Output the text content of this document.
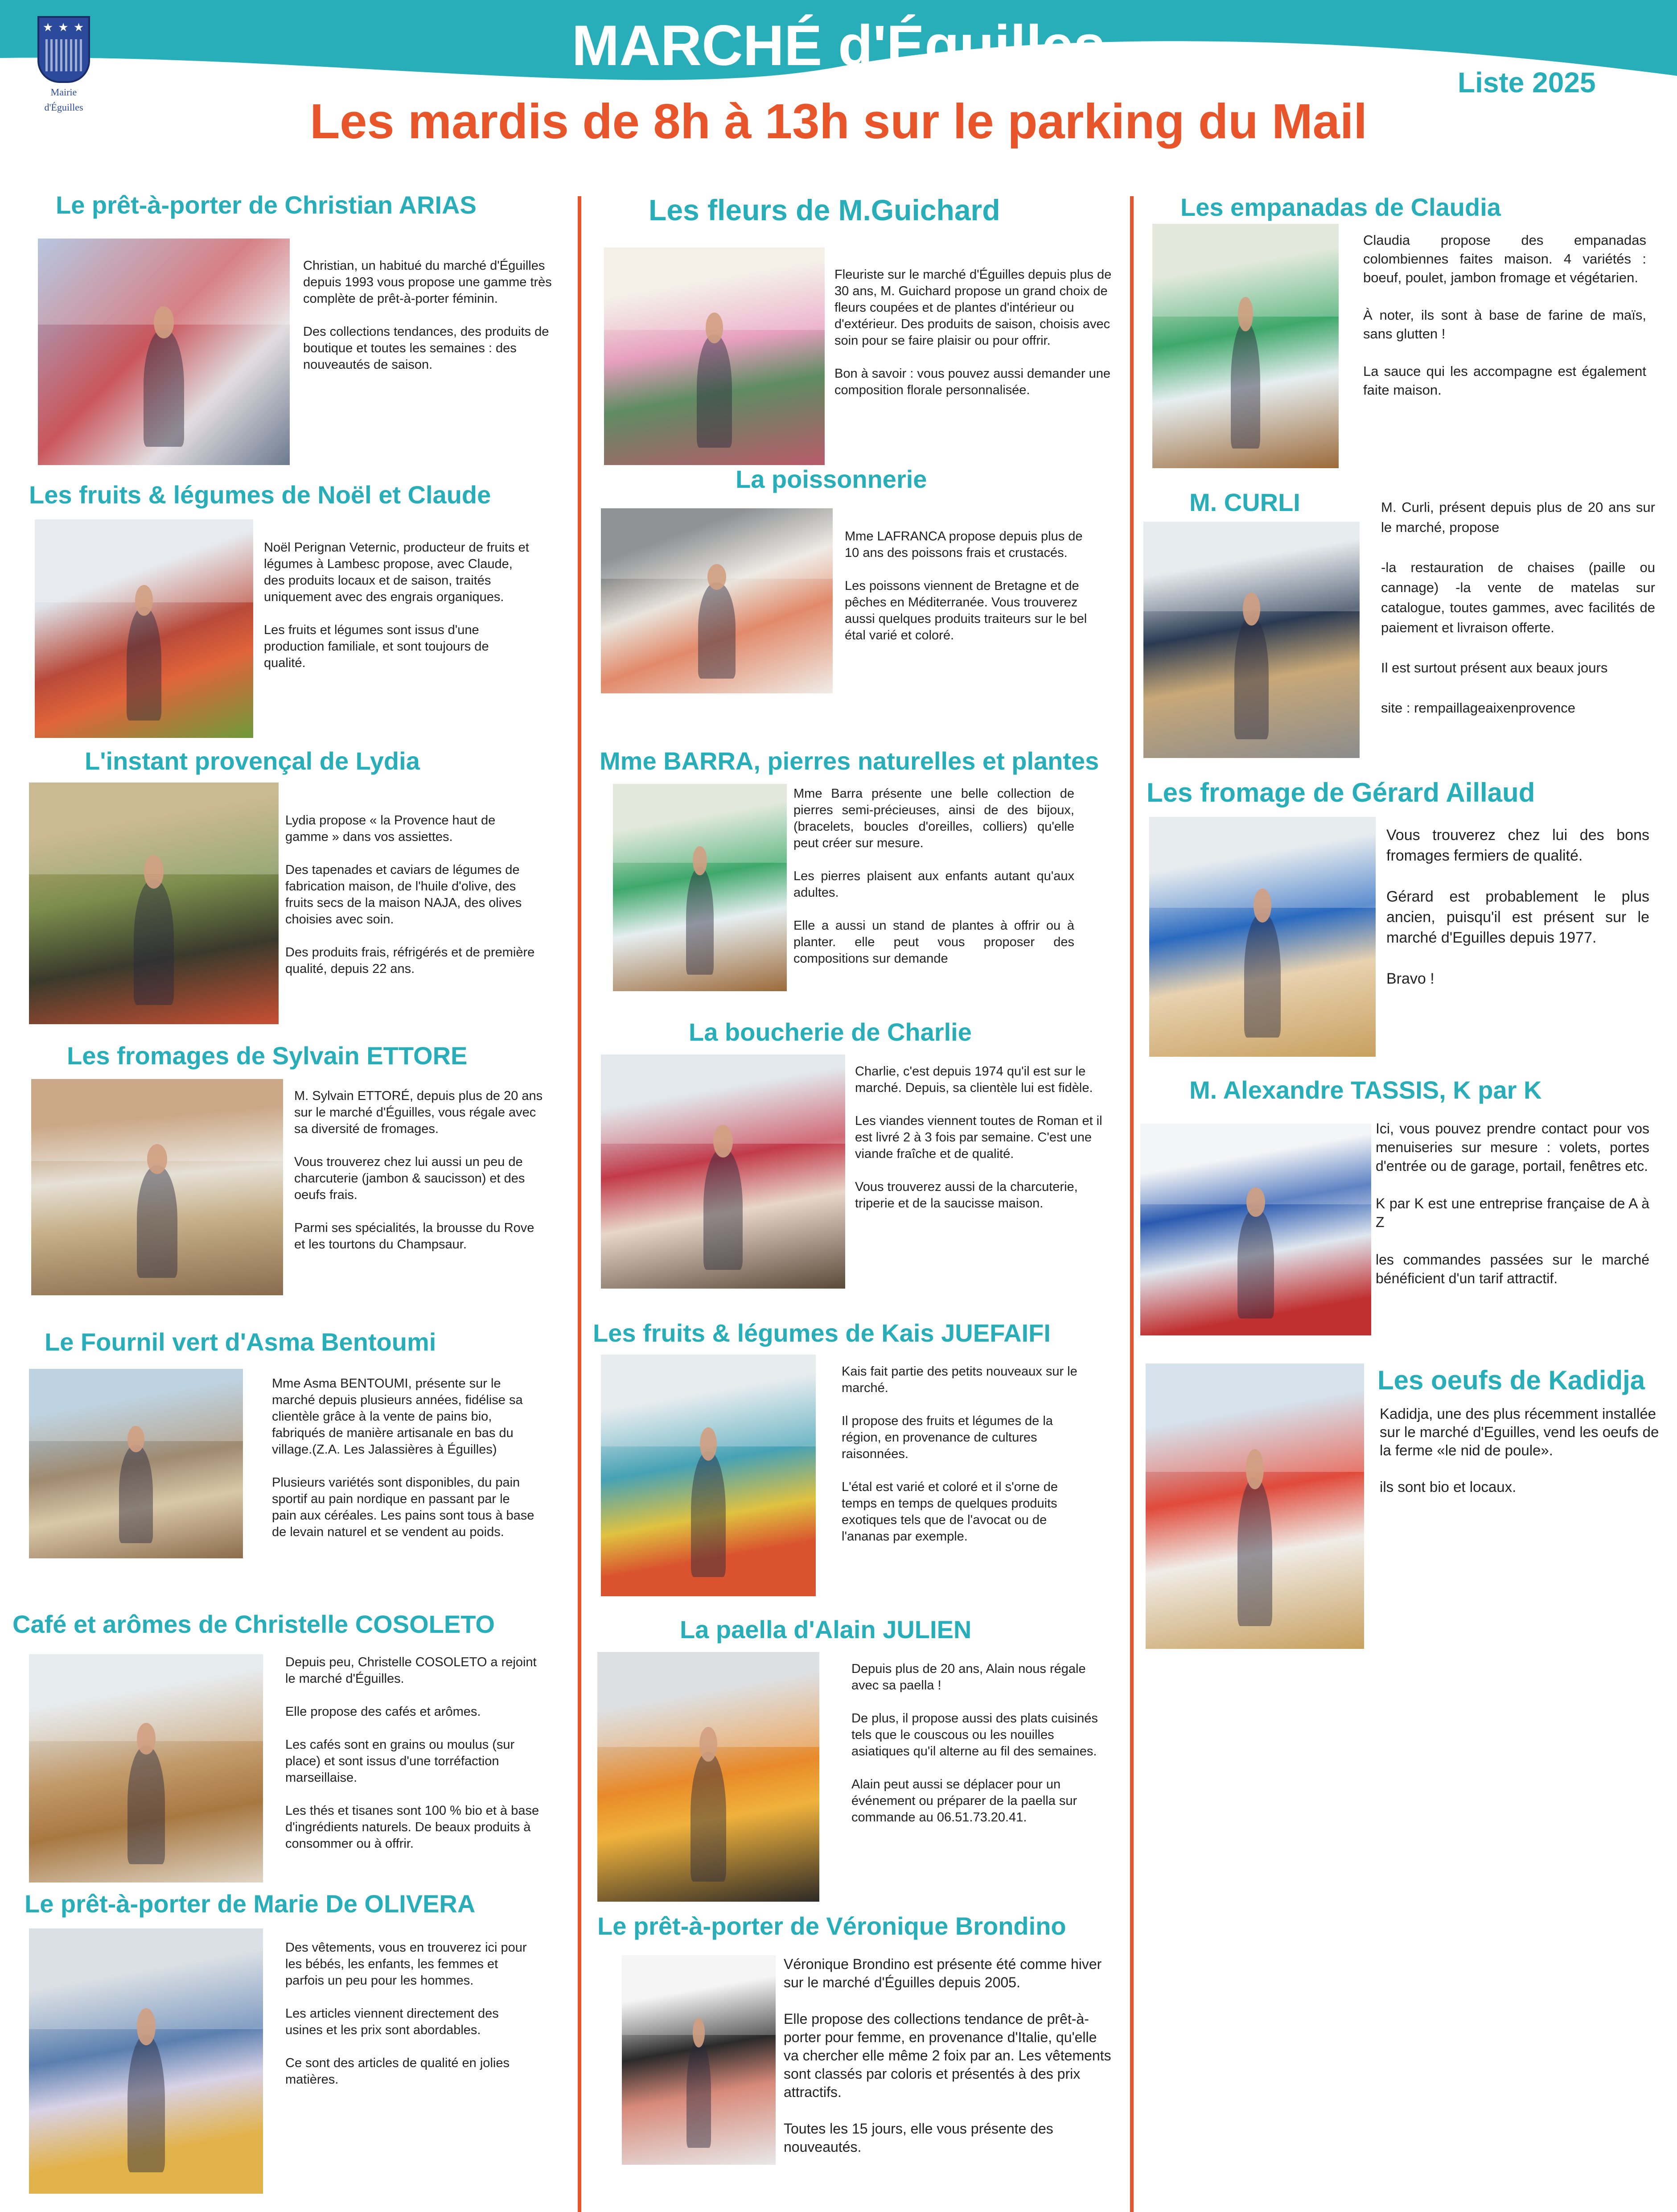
★ ★ ★
Mairie
d'Éguilles
MARCHÉ d'Éguilles
Liste 2025
Les mardis de 8h à 13h sur le parking du Mail
Le prêt-à-porter de Christian ARIAS

Christian, un habitué du marché d'Éguilles depuis 1993 vous propose une gamme très complète de prêt-à-porter féminin.

Des collections tendances, des produits de boutique et toutes les semaines : des nouveautés de saison.

Les fruits & légumes de Noël et Claude

Noël Perignan Veternic, producteur de fruits et légumes à Lambesc propose, avec Claude, des produits locaux et de saison, traités uniquement avec des engrais organiques.

Les fruits et légumes sont issus d'une production familiale, et sont toujours de qualité.

L'instant provençal de Lydia

Lydia propose « la Provence haut de gamme » dans vos assiettes.

Des tapenades et caviars de légumes de fabrication maison, de l'huile d'olive, des fruits secs de la maison NAJA, des olives choisies avec soin.

Des produits frais, réfrigérés et de première qualité, depuis 22 ans.

Les fromages de Sylvain ETTORE

M. Sylvain ETTORÉ, depuis plus de 20 ans sur le marché d'Éguilles, vous régale avec sa diversité de fromages.

Vous trouverez chez lui aussi un peu de charcuterie (jambon & saucisson) et des oeufs frais.

Parmi ses spécialités, la brousse du Rove et les tourtons du Champsaur.

Le Fournil vert d'Asma Bentoumi

Mme Asma BENTOUMI, présente sur le marché depuis plusieurs années, fidélise sa clientèle grâce à la vente de pains bio, fabriqués de manière artisanale en bas du village.(Z.A. Les Jalassières à Éguilles)

Plusieurs variétés sont disponibles, du pain sportif au pain nordique en passant par le pain aux céréales. Les pains sont tous à base de levain naturel et se vendent au poids.

Café et arômes de Christelle COSOLETO

Depuis peu, Christelle COSOLETO a rejoint le marché d'Éguilles.

Elle propose des cafés et arômes.

Les cafés sont en grains ou moulus (sur place) et sont issus d'une torréfaction marseillaise.

Les thés et tisanes sont 100 % bio et à base d'ingrédients naturels. De beaux produits à consommer ou à offrir.

Le prêt-à-porter de Marie De OLIVERA

Des vêtements, vous en trouverez ici pour les bébés, les enfants, les femmes et parfois un peu pour les hommes.

Les articles viennent directement des usines et les prix sont abordables.

Ce sont des articles de qualité en jolies matières.

Les fleurs de M.Guichard

Fleuriste sur le marché d'Éguilles depuis plus de 30 ans, M. Guichard propose un grand choix de fleurs coupées et de plantes d'intérieur ou d'extérieur. Des produits de saison, choisis avec soin pour se faire plaisir ou pour offrir.

Bon à savoir : vous pouvez aussi demander une composition florale personnalisée.

La poissonnerie

Mme LAFRANCA propose depuis plus de 10 ans des poissons frais et crustacés.

Les poissons viennent de Bretagne et de pêches en Méditerranée. Vous trouverez aussi quelques produits traiteurs sur le bel étal varié et coloré.

Mme BARRA, pierres naturelles et plantes

Mme Barra présente une belle collection de pierres semi-précieuses, ainsi de des bijoux, (bracelets, boucles d'oreilles, colliers) qu'elle peut créer sur mesure.

Les pierres plaisent aux enfants autant qu'aux adultes.

Elle a aussi un stand de plantes à offrir ou à planter. elle peut vous proposer des compositions sur demande

La boucherie de Charlie

Charlie, c'est depuis 1974 qu'il est sur le marché. Depuis, sa clientèle lui est fidèle.

Les viandes viennent toutes de Roman et il est livré 2 à 3 fois par semaine. C'est une viande fraîche et de qualité.

Vous trouverez aussi de la charcuterie, triperie et de la saucisse maison.

Les fruits & légumes de Kais JUEFAIFI

Kais fait partie des petits nouveaux sur le marché.

Il propose des fruits et légumes de la région, en provenance de cultures raisonnées.

L'étal est varié et coloré et il s'orne de temps en temps de quelques produits exotiques tels que de l'avocat ou de l'ananas par exemple.

La paella d'Alain JULIEN

Depuis plus de 20 ans, Alain nous régale avec sa paella !

De plus, il propose aussi des plats cuisinés tels que le couscous ou les nouilles asiatiques qu'il alterne au fil des semaines.

Alain peut aussi se déplacer pour un événement ou préparer de la paella sur commande au 06.51.73.20.41.

Le prêt-à-porter de Véronique Brondino

Véronique Brondino est présente été comme hiver sur le marché d'Éguilles depuis 2005.

Elle propose des collections tendance de prêt-à-porter pour femme, en provenance d'Italie, qu'elle va chercher elle même 2 foix par an. Les vêtements sont classés par coloris et présentés à des prix attractifs.

Toutes les 15 jours, elle vous présente des nouveautés.

Les empanadas de Claudia

Claudia propose des empanadas colombiennes faites maison. 4 variétés : boeuf, poulet, jambon fromage et végétarien.

À noter, ils sont à base de farine de maïs, sans glutten !

La sauce qui les accompagne est également faite maison.

M. CURLI	M. Curli, présent depuis plus de 20 ans sur le marché, propose

-la restauration de chaises (paille ou cannage) -la vente de matelas sur catalogue, toutes gammes, avec facilités de paiement et livraison offerte.

Il est surtout présent aux beaux jours

site : rempaillageaixenprovence

Les fromage de Gérard Aillaud

Vous trouverez chez lui des bons fromages fermiers de qualité.

Gérard est probablement le plus ancien, puisqu'il est présent sur le marché d'Eguilles depuis 1977.

Bravo !

M. Alexandre TASSIS, K par K

Ici, vous pouvez prendre contact pour vos menuiseries sur mesure : volets, portes d'entrée ou de garage, portail, fenêtres etc.

K par K est une entreprise française de A à Z

les commandes passées sur le marché bénéficient d'un tarif attractif.

Les oeufs de Kadidja

Kadidja, une des plus récemment installée sur le marché d'Eguilles, vend les oeufs de la ferme «le nid de poule».

ils sont bio et locaux.
